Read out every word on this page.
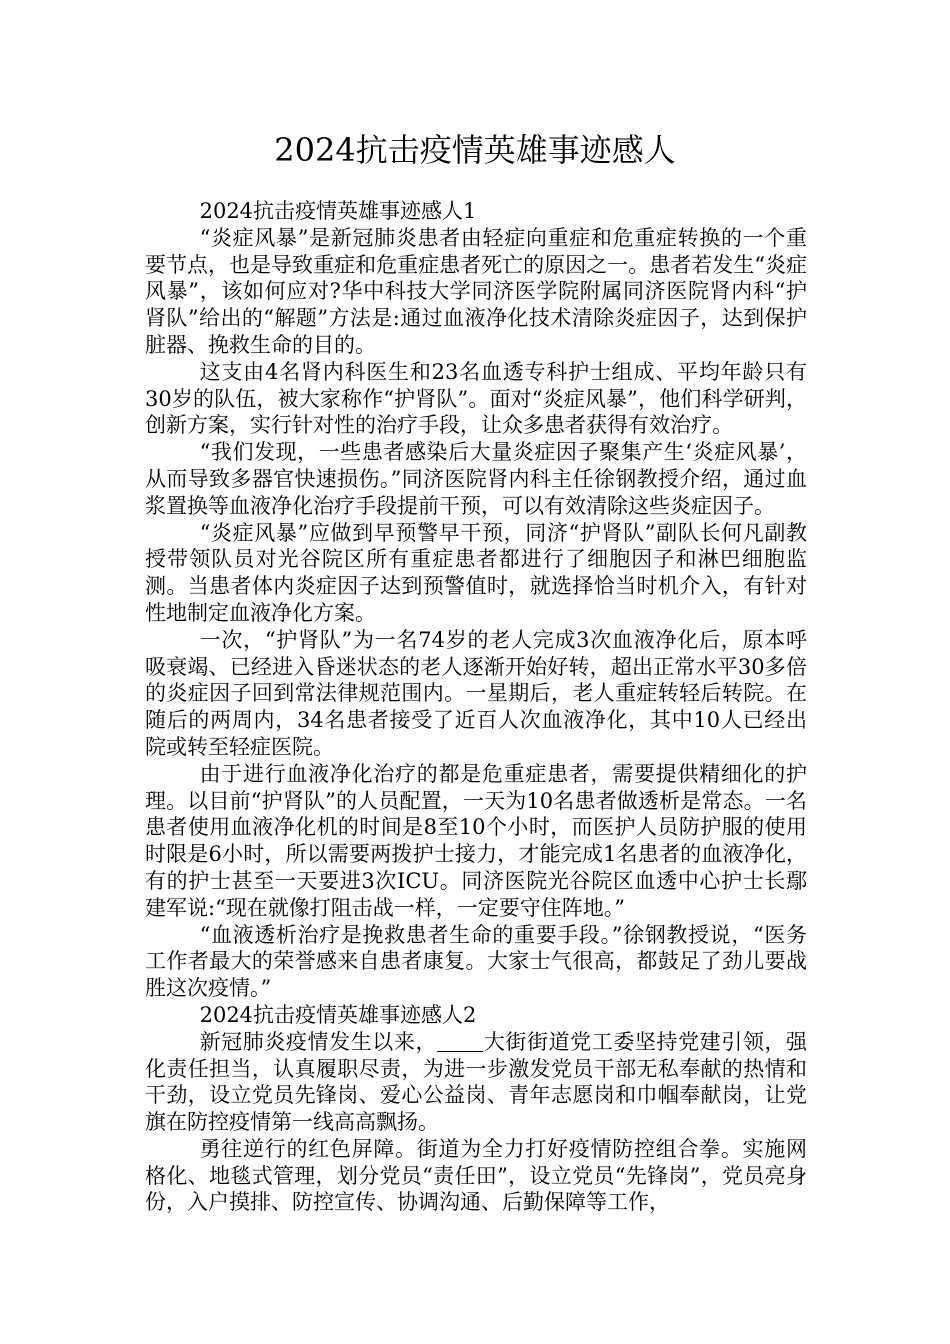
2024抗击疫情英雄事迹感人

2024抗击疫情英雄事迹感人1

“炎症风暴”是新冠肺炎患者由轻症向重症和危重症转换的一个重要节点，也是导致重症和危重症患者死亡的原因之一。患者若发生“炎症风暴”，该如何应对?华中科技大学同济医学院附属同济医院肾内科“护肾队”给出的“解题”方法是:通过血液净化技术清除炎症因子，达到保护脏器、挽救生命的目的。

这支由4名肾内科医生和23名血透专科护士组成、平均年龄只有30岁的队伍，被大家称作“护肾队”。面对“炎症风暴”，他们科学研判，创新方案，实行针对性的治疗手段，让众多患者获得有效治疗。

“我们发现，一些患者感染后大量炎症因子聚集产生‘炎症风暴’，从而导致多器官快速损伤。”同济医院肾内科主任徐钢教授介绍，通过血浆置换等血液净化治疗手段提前干预，可以有效清除这些炎症因子。

“炎症风暴”应做到早预警早干预，同济“护肾队”副队长何凡副教授带领队员对光谷院区所有重症患者都进行了细胞因子和淋巴细胞监测。当患者体内炎症因子达到预警值时，就选择恰当时机介入，有针对性地制定血液净化方案。

一次，“护肾队”为一名74岁的老人完成3次血液净化后，原本呼吸衰竭、已经进入昏迷状态的老人逐渐开始好转，超出正常水平30多倍的炎症因子回到常法律规范围内。一星期后，老人重症转轻后转院。在随后的两周内，34名患者接受了近百人次血液净化，其中10人已经出院或转至轻症医院。

由于进行血液净化治疗的都是危重症患者，需要提供精细化的护理。以目前“护肾队”的人员配置，一天为10名患者做透析是常态。一名患者使用血液净化机的时间是8至10个小时，而医护人员防护服的使用时限是6小时，所以需要两拨护士接力，才能完成1名患者的血液净化，有的护士甚至一天要进3次ICU。同济医院光谷院区血透中心护士长鄢建军说:“现在就像打阻击战一样，一定要守住阵地。”

“血液透析治疗是挽救患者生命的重要手段。”徐钢教授说，“医务工作者最大的荣誉感来自患者康复。大家士气很高，都鼓足了劲儿要战胜这次疫情。”

2024抗击疫情英雄事迹感人2

新冠肺炎疫情发生以来， 大街街道党工委坚持党建引领，强化责任担当，认真履职尽责，为进一步激发党员干部无私奉献的热情和干劲，设立党员先锋岗、爱心公益岗、青年志愿岗和巾帼奉献岗，让党旗在防控疫情第一线高高飘扬。

勇往逆行的红色屏障。街道为全力打好疫情防控组合拳。实施网格化、地毯式管理，划分党员“责任田”，设立党员“先锋岗”，党员亮身份，入户摸排、防控宣传、协调沟通、后勤保障等工作，
